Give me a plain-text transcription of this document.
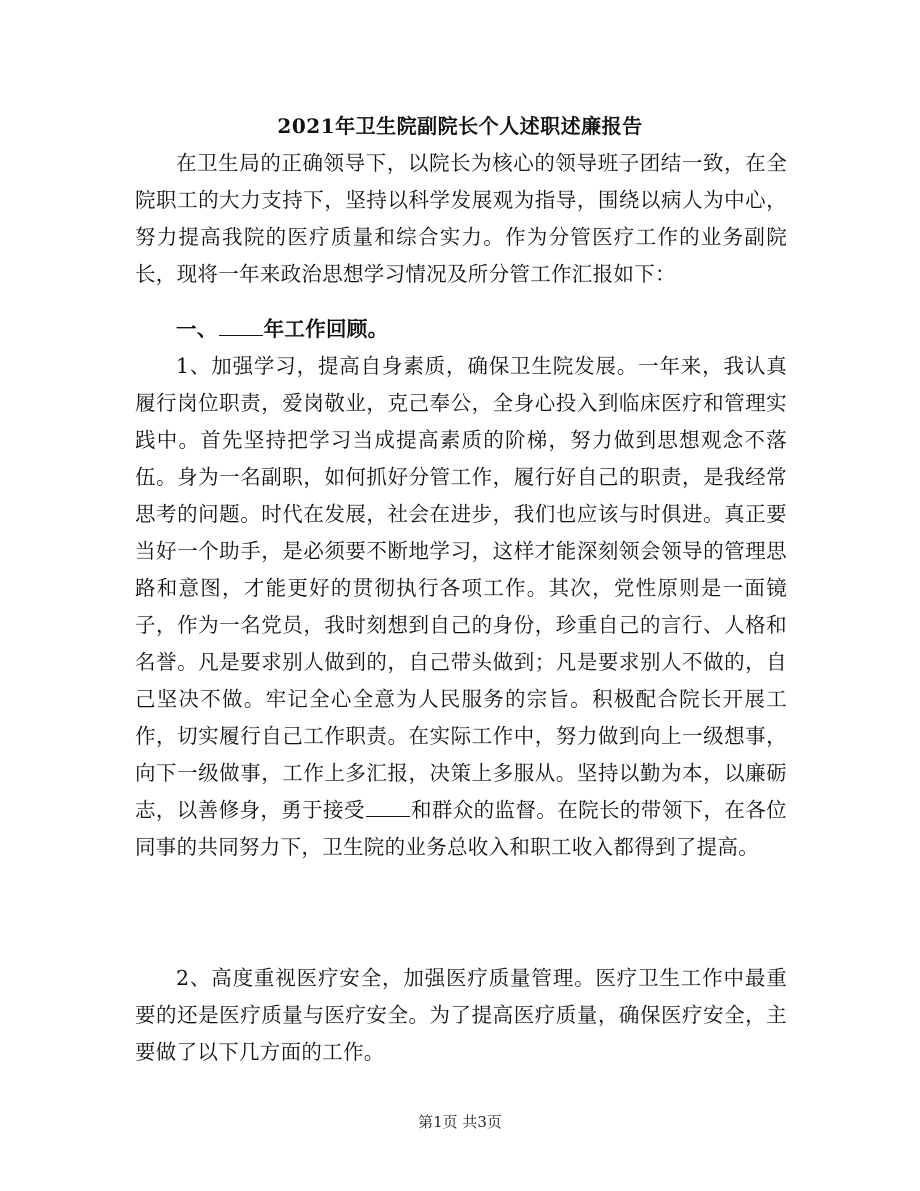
2021年卫生院副院长个人述职述廉报告

在卫生局的正确领导下，以院长为核心的领导班子团结一致，在全院职工的大力支持下，坚持以科学发展观为指导，围绕以病人为中心，努力提高我院的医疗质量和综合实力。作为分管医疗工作的业务副院长，现将一年来政治思想学习情况及所分管工作汇报如下：

一、 年工作回顾。

1、加强学习，提高自身素质，确保卫生院发展。一年来，我认真履行岗位职责，爱岗敬业，克己奉公，全身心投入到临床医疗和管理实践中。首先坚持把学习当成提高素质的阶梯，努力做到思想观念不落伍。身为一名副职，如何抓好分管工作，履行好自己的职责，是我经常思考的问题。时代在发展，社会在进步，我们也应该与时俱进。真正要当好一个助手，是必须要不断地学习，这样才能深刻领会领导的管理思路和意图，才能更好的贯彻执行各项工作。其次，党性原则是一面镜子，作为一名党员，我时刻想到自己的身份，珍重自己的言行、人格和名誉。凡是要求别人做到的，自己带头做到；凡是要求别人不做的，自己坚决不做。牢记全心全意为人民服务的宗旨。积极配合院长开展工作，切实履行自己工作职责。在实际工作中，努力做到向上一级想事，向下一级做事，工作上多汇报，决策上多服从。坚持以勤为本，以廉砺志，以善修身，勇于接受 和群众的监督。在院长的带领下，在各位同事的共同努力下，卫生院的业务总收入和职工收入都得到了提高。

2、高度重视医疗安全，加强医疗质量管理。医疗卫生工作中最重要的还是医疗质量与医疗安全。为了提高医疗质量，确保医疗安全，主要做了以下几方面的工作。

第1页 共3页
